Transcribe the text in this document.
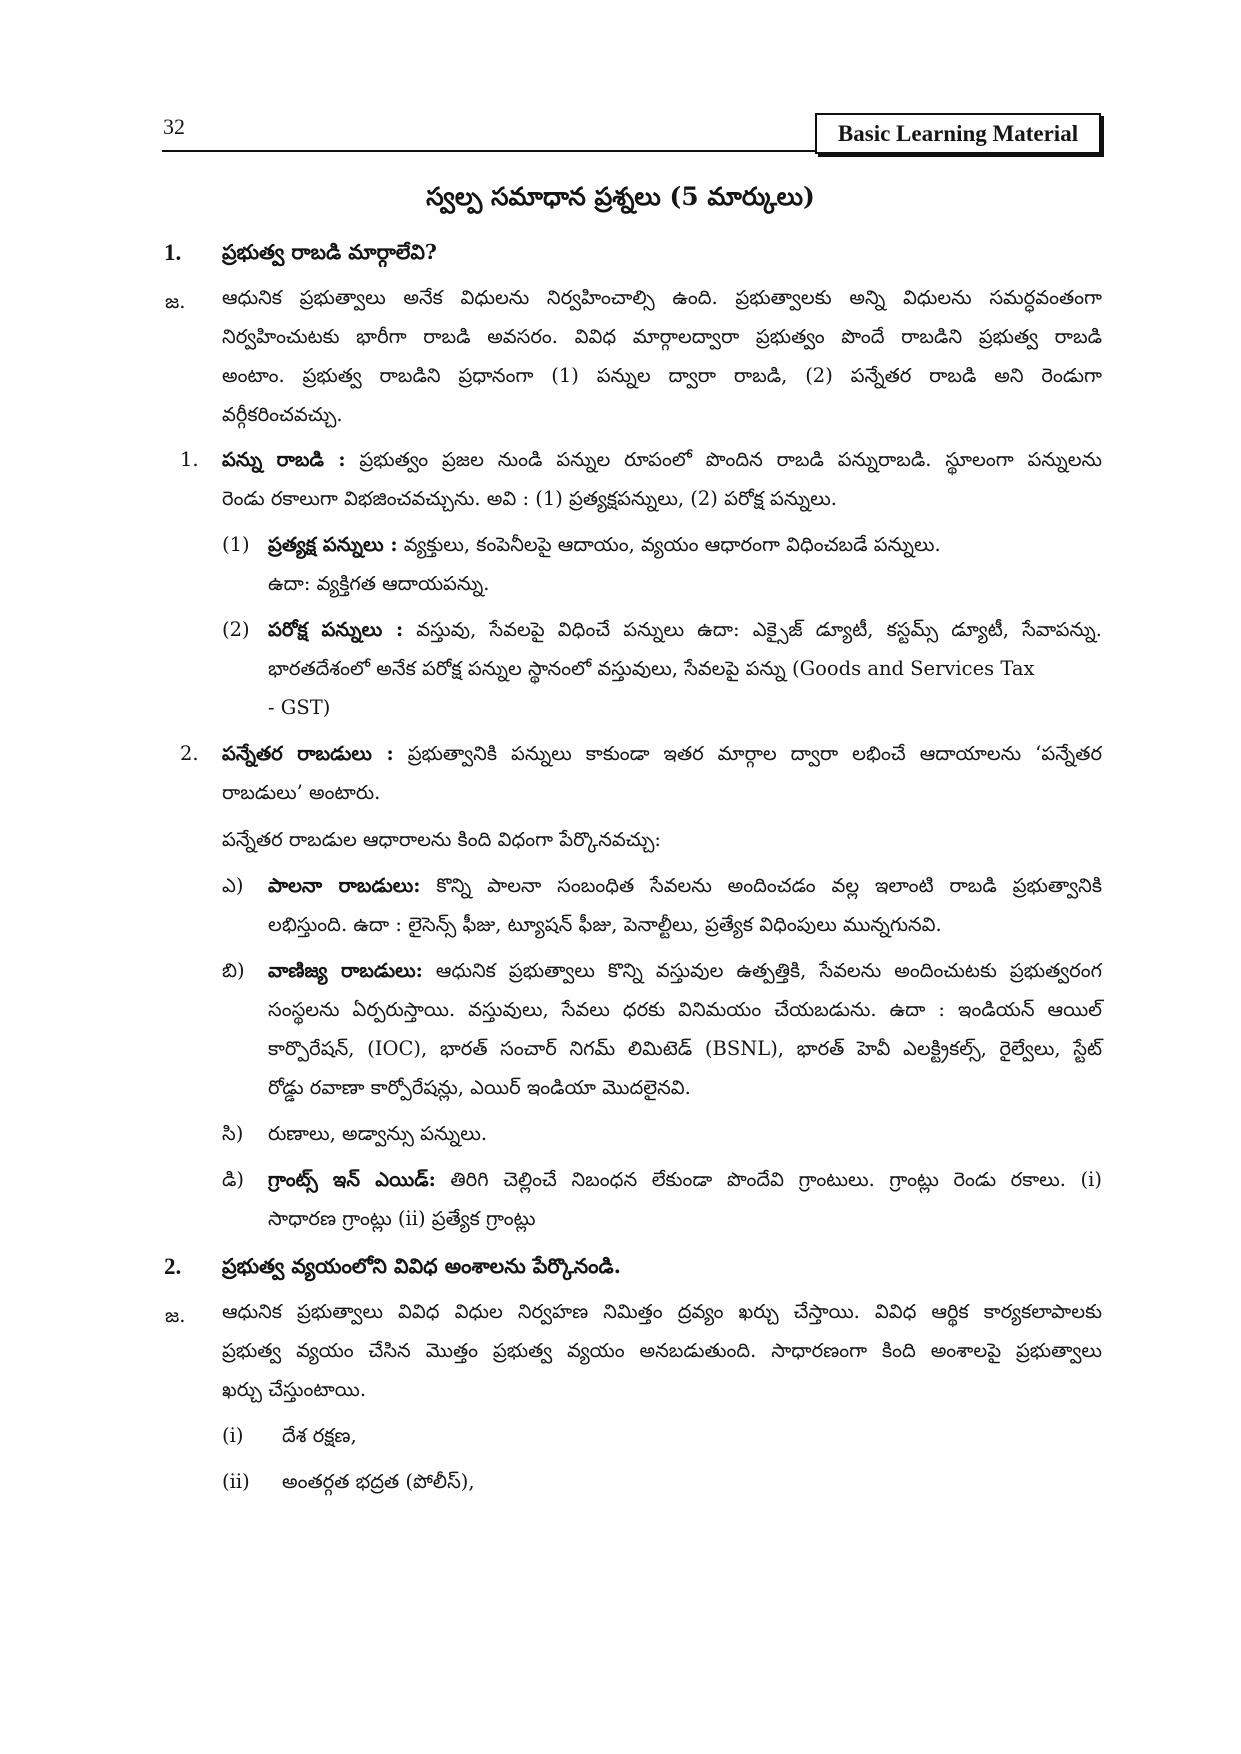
32	Basic Learning Material
స్వల్ప సమాధాన ప్రశ్నలు (5 మార్కులు)
1. ప్రభుత్వ రాబడి మార్గాలేవి?
జ. ఆధునిక ప్రభుత్వాలు అనేక విధులను నిర్వహించాల్సి ఉంది. ప్రభుత్వాలకు అన్ని విధులను సమర్ధవంతంగా
నిర్వహించుటకు భారీగా రాబడి అవసరం. వివిధ మార్గాలద్వారా ప్రభుత్వం పొందే రాబడిని ప్రభుత్వ రాబడి
అంటాం. ప్రభుత్వ రాబడిని ప్రధానంగా (1) పన్నుల ద్వారా రాబడి, (2) పన్నేతర రాబడి అని రెండుగా
వర్గీకరించవచ్చు.
1. పన్ను రాబడి : ప్రభుత్వం ప్రజల నుండి పన్నుల రూపంలో పొందిన రాబడి పన్నురాబడి. స్థూలంగా పన్నులను
రెండు రకాలుగా విభజించవచ్చును. అవి : (1) ప్రత్యక్షపన్నులు, (2) పరోక్ష పన్నులు.
(1) ప్రత్యక్ష పన్నులు : వ్యక్తులు, కంపెనీలపై ఆదాయం, వ్యయం ఆధారంగా విధించబడే పన్నులు.
ఉదా: వ్యక్తిగత ఆదాయపన్ను.
(2) పరోక్ష పన్నులు : వస్తువు, సేవలపై విధించే పన్నులు ఉదా: ఎక్సైజ్ డ్యూటీ, కస్టమ్స్ డ్యూటీ, సేవాపన్ను.
భారతదేశంలో అనేక పరోక్ష పన్నుల స్థానంలో వస్తువులు, సేవలపై పన్ను (Goods and Services Tax
- GST)
2. పన్నేతర రాబడులు : ప్రభుత్వానికి పన్నులు కాకుండా ఇతర మార్గాల ద్వారా లభించే ఆదాయాలను ‘పన్నేతర
రాబడులు’ అంటారు.
పన్నేతర రాబడుల ఆధారాలను కింది విధంగా పేర్కొనవచ్చు:
ఎ) పాలనా రాబడులు: కొన్ని పాలనా సంబంధిత సేవలను అందించడం వల్ల ఇలాంటి రాబడి ప్రభుత్వానికి
లభిస్తుంది. ఉదా : లైసెన్స్ ఫీజు, ట్యూషన్ ఫీజు, పెనాల్టీలు, ప్రత్యేక విధింపులు మున్నగునవి.
బి) వాణిజ్య రాబడులు: ఆధునిక ప్రభుత్వాలు కొన్ని వస్తువుల ఉత్పత్తికి, సేవలను అందించుటకు ప్రభుత్వరంగ
సంస్థలను ఏర్పరుస్తాయి. వస్తువులు, సేవలు ధరకు వినిమయం చేయబడును. ఉదా : ఇండియన్ ఆయిల్
కార్పొరేషన్, (IOC), భారత్ సంచార్ నిగమ్ లిమిటెడ్ (BSNL), భారత్ హెవీ ఎలక్ట్రికల్స్, రైల్వేలు, స్టేట్
రోడ్డు రవాణా కార్పోరేషన్లు, ఎయిర్ ఇండియా మొదలైనవి.
సి) రుణాలు, అడ్వాన్సు పన్నులు.
డి) గ్రాంట్స్ ఇన్ ఎయిడ్: తిరిగి చెల్లించే నిబంధన లేకుండా పొందేవి గ్రాంటులు. గ్రాంట్లు రెండు రకాలు. (i)
సాధారణ గ్రాంట్లు (ii) ప్రత్యేక గ్రాంట్లు
2. ప్రభుత్వ వ్యయంలోని వివిధ అంశాలను పేర్కొనండి.
జ. ఆధునిక ప్రభుత్వాలు వివిధ విధుల నిర్వహణ నిమిత్తం ద్రవ్యం ఖర్చు చేస్తాయి. వివిధ ఆర్థిక కార్యకలాపాలకు
ప్రభుత్వ వ్యయం చేసిన మొత్తం ప్రభుత్వ వ్యయం అనబడుతుంది. సాధారణంగా కింది అంశాలపై ప్రభుత్వాలు
ఖర్చు చేస్తుంటాయి.
(i) దేశ రక్షణ,
(ii) అంతర్గత భద్రత (పోలీస్),
